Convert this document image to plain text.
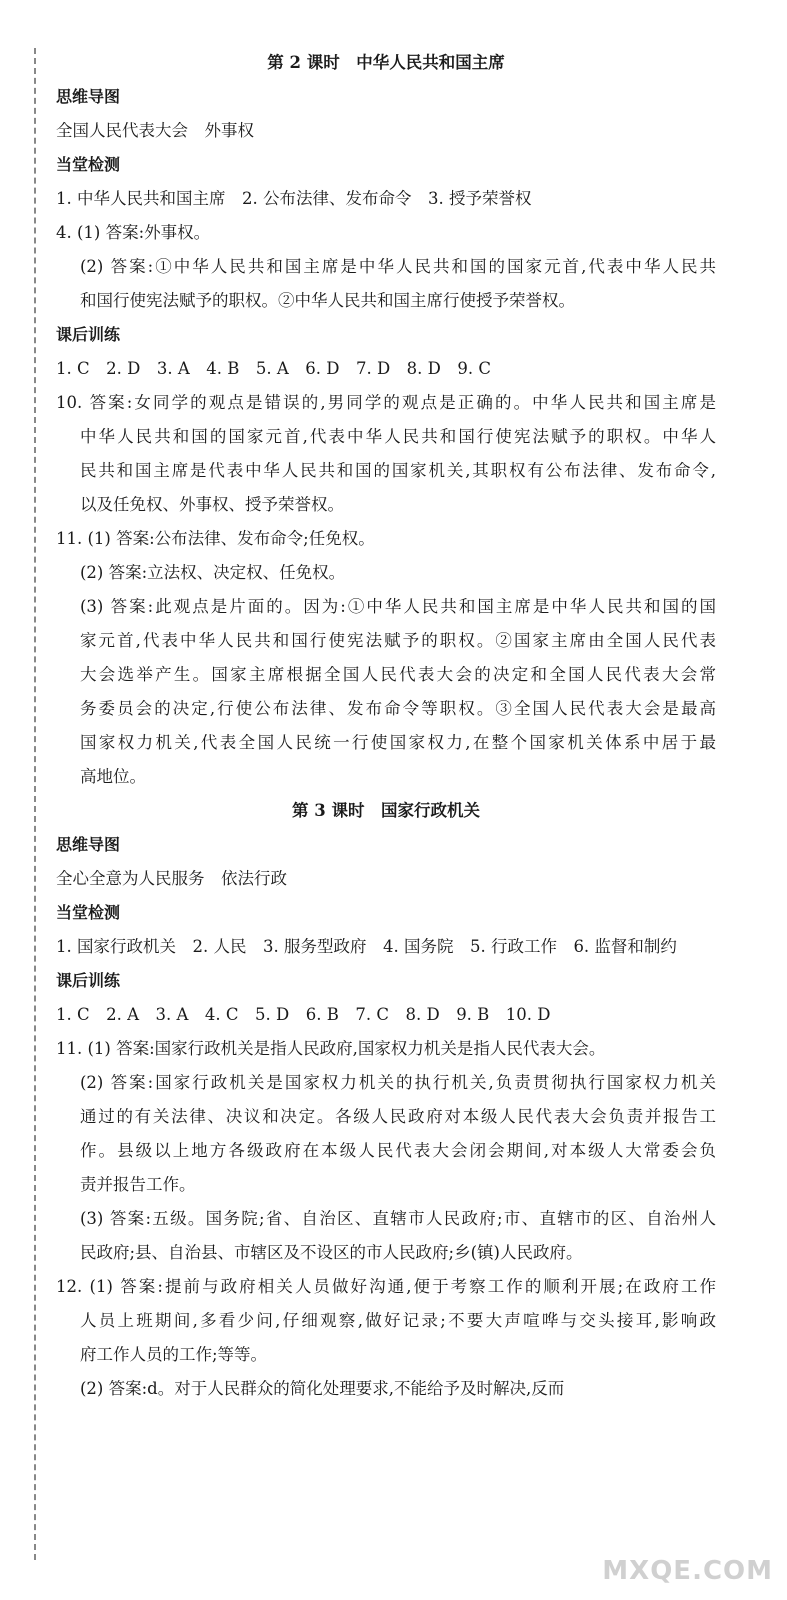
第 2 课时　中华人民共和国主席
思维导图
全国人民代表大会　外事权
当堂检测
1. 中华人民共和国主席　2. 公布法律、发布命令　3. 授予荣誉权
4. (1) 答案:外事权。
(2) 答案:①中华人民共和国主席是中华人民共和国的国家元首,代表中华人民共
和国行使宪法赋予的职权。②中华人民共和国主席行使授予荣誉权。
课后训练
1. C　2. D　3. A　4. B　5. A　6. D　7. D　8. D　9. C
10. 答案:女同学的观点是错误的,男同学的观点是正确的。中华人民共和国主席是
中华人民共和国的国家元首,代表中华人民共和国行使宪法赋予的职权。中华人
民共和国主席是代表中华人民共和国的国家机关,其职权有公布法律、发布命令,
以及任免权、外事权、授予荣誉权。
11. (1) 答案:公布法律、发布命令;任免权。
(2) 答案:立法权、决定权、任免权。
(3) 答案:此观点是片面的。因为:①中华人民共和国主席是中华人民共和国的国
家元首,代表中华人民共和国行使宪法赋予的职权。②国家主席由全国人民代表
大会选举产生。国家主席根据全国人民代表大会的决定和全国人民代表大会常
务委员会的决定,行使公布法律、发布命令等职权。③全国人民代表大会是最高
国家权力机关,代表全国人民统一行使国家权力,在整个国家机关体系中居于最
高地位。
第 3 课时　国家行政机关
思维导图
全心全意为人民服务　依法行政
当堂检测
1. 国家行政机关　2. 人民　3. 服务型政府　4. 国务院　5. 行政工作　6. 监督和制约
课后训练
1. C　2. A　3. A　4. C　5. D　6. B　7. C　8. D　9. B　10. D
11. (1) 答案:国家行政机关是指人民政府,国家权力机关是指人民代表大会。
(2) 答案:国家行政机关是国家权力机关的执行机关,负责贯彻执行国家权力机关
通过的有关法律、决议和决定。各级人民政府对本级人民代表大会负责并报告工
作。县级以上地方各级政府在本级人民代表大会闭会期间,对本级人大常委会负
责并报告工作。
(3) 答案:五级。国务院;省、自治区、直辖市人民政府;市、直辖市的区、自治州人
民政府;县、自治县、市辖区及不设区的市人民政府;乡(镇)人民政府。
12. (1) 答案:提前与政府相关人员做好沟通,便于考察工作的顺利开展;在政府工作
人员上班期间,多看少问,仔细观察,做好记录;不要大声喧哗与交头接耳,影响政
府工作人员的工作;等等。
(2) 答案:d。对于人民群众的简化处理要求,不能给予及时解决,反而
MXQE.COM
